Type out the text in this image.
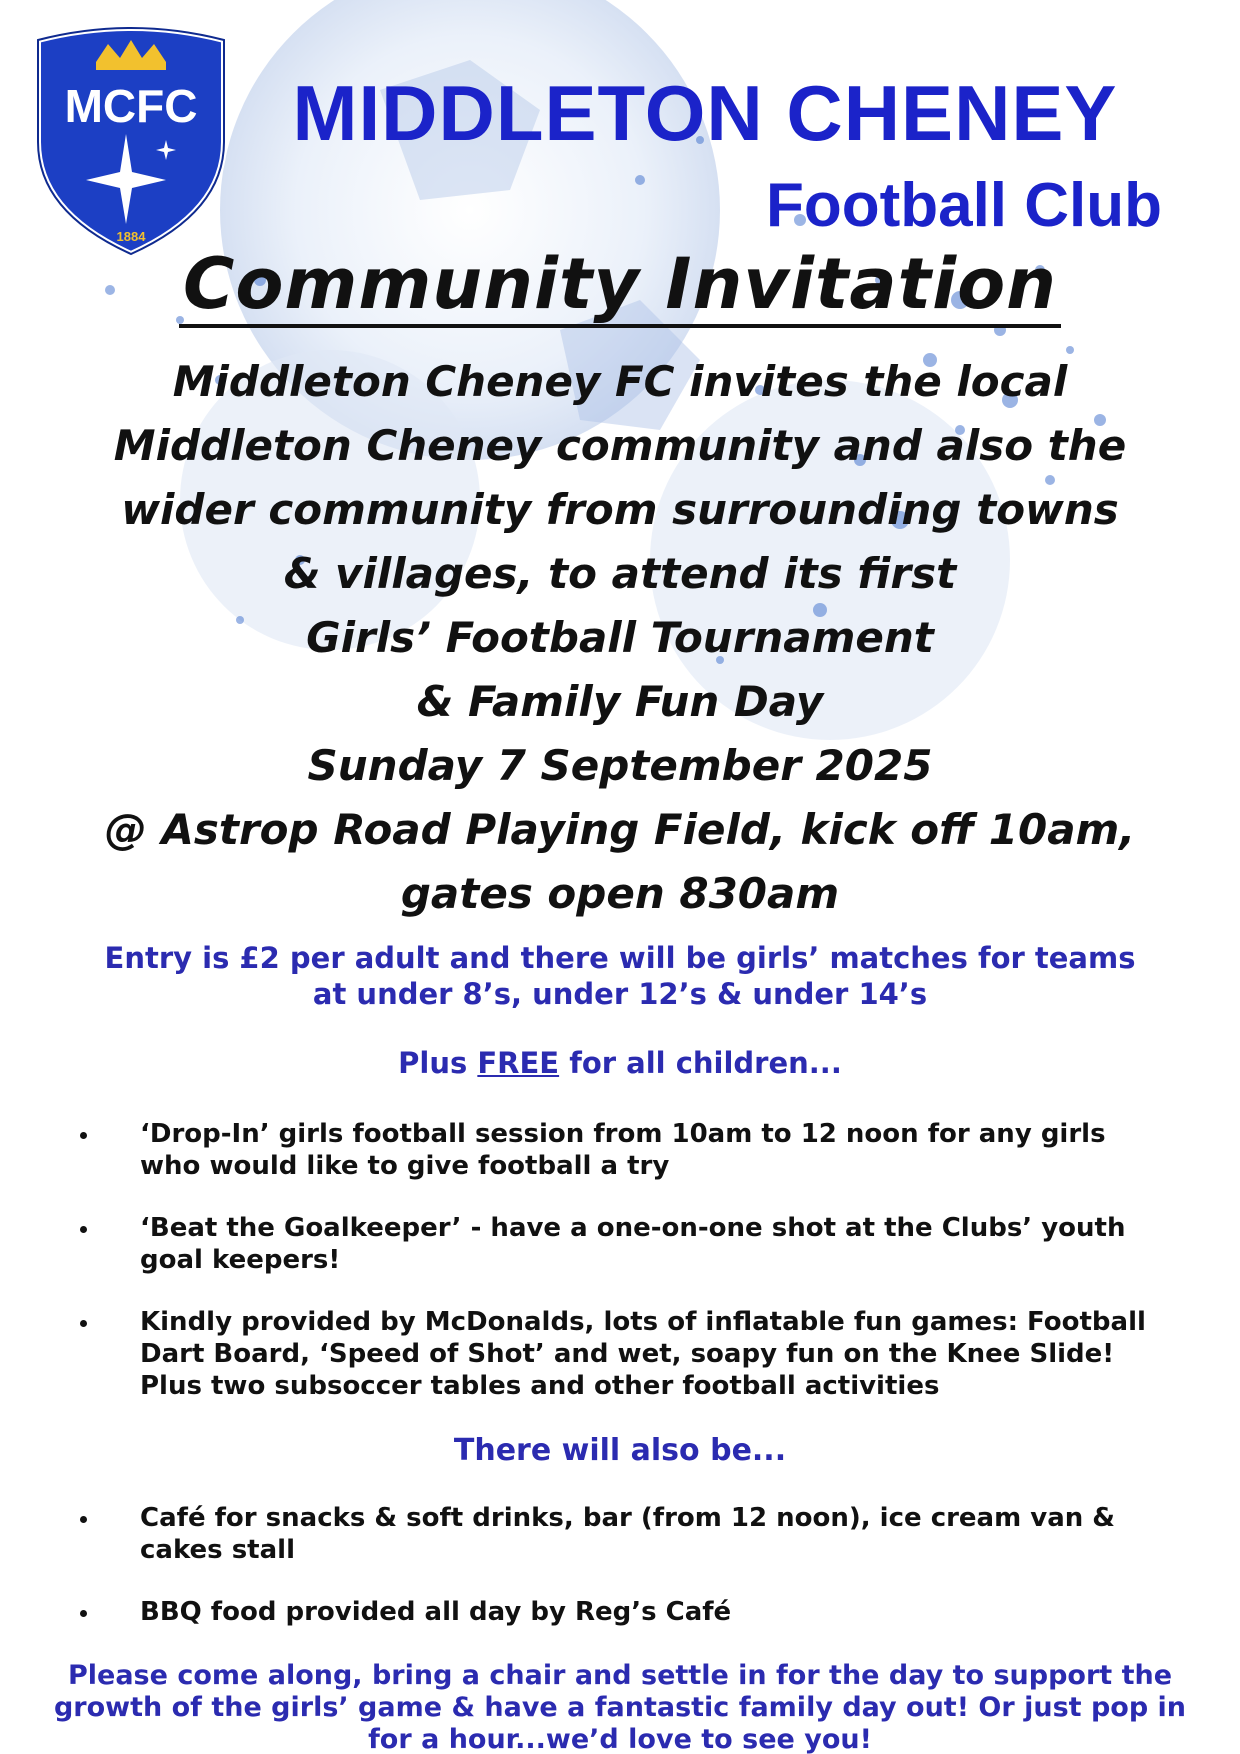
MCFC
1884
MIDDLETON CHENEY
Football Club
Community Invitation
Middleton Cheney FC invites the local
Middleton Cheney community and also the
wider community from surrounding towns
& villages, to attend its first
Girls’ Football Tournament
& Family Fun Day
Sunday 7 September 2025
@ Astrop Road Playing Field, kick off 10am,
gates open 830am
Entry is £2 per adult and there will be girls’ matches for teams
at under 8’s, under 12’s & under 14’s
Plus FREE for all children...
‘Drop-In’ girls football session from 10am to 12 noon for any girls who would like to give football a try
‘Beat the Goalkeeper’ - have a one-on-one shot at the Clubs’ youth goal keepers!
Kindly provided by McDonalds, lots of inflatable fun games: Football Dart Board, ‘Speed of Shot’ and wet, soapy fun on the Knee Slide! Plus two subsoccer tables and other football activities
There will also be...
Café for snacks & soft drinks, bar (from 12 noon), ice cream van & cakes stall
BBQ food provided all day by Reg’s Café
Please come along, bring a chair and settle in for the day to support the growth of the girls’ game & have a fantastic family day out! Or just pop in for a hour...we’d love to see you!
